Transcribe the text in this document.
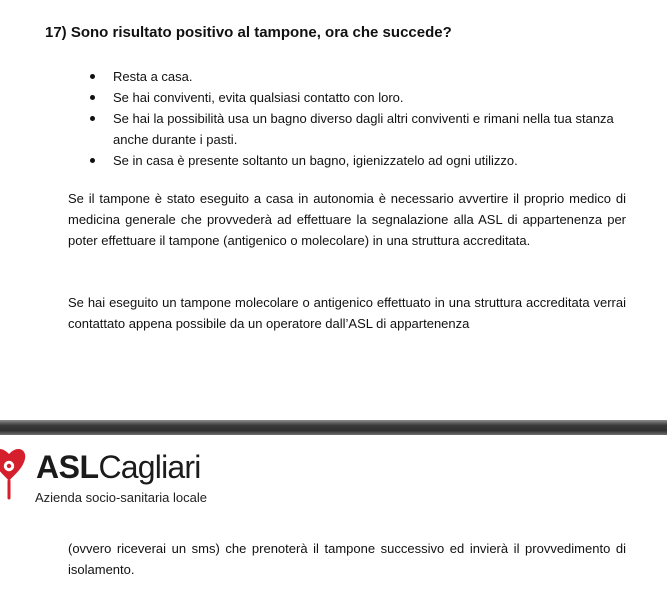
17) Sono risultato positivo al tampone, ora che succede?
Resta a casa.
Se hai conviventi, evita qualsiasi contatto con loro.
Se hai la possibilità usa un bagno diverso dagli altri conviventi e rimani nella tua stanza anche durante i pasti.
Se in casa è presente soltanto un bagno, igienizzatelo ad ogni utilizzo.

Se il tampone è stato eseguito a casa in autonomia è necessario avvertire il proprio medico di medicina generale che provvederà ad effettuare la segnalazione alla ASL di appartenenza per poter effettuare il tampone (antigenico o molecolare) in una struttura accreditata.

Se hai eseguito un tampone molecolare o antigenico effettuato in una struttura accreditata verrai contattato appena possibile da un operatore dall’ASL di appartenenza

ASLCagliari
Azienda socio-sanitaria locale

(ovvero riceverai un sms) che prenoterà il tampone successivo ed invierà il provvedimento di isolamento.
